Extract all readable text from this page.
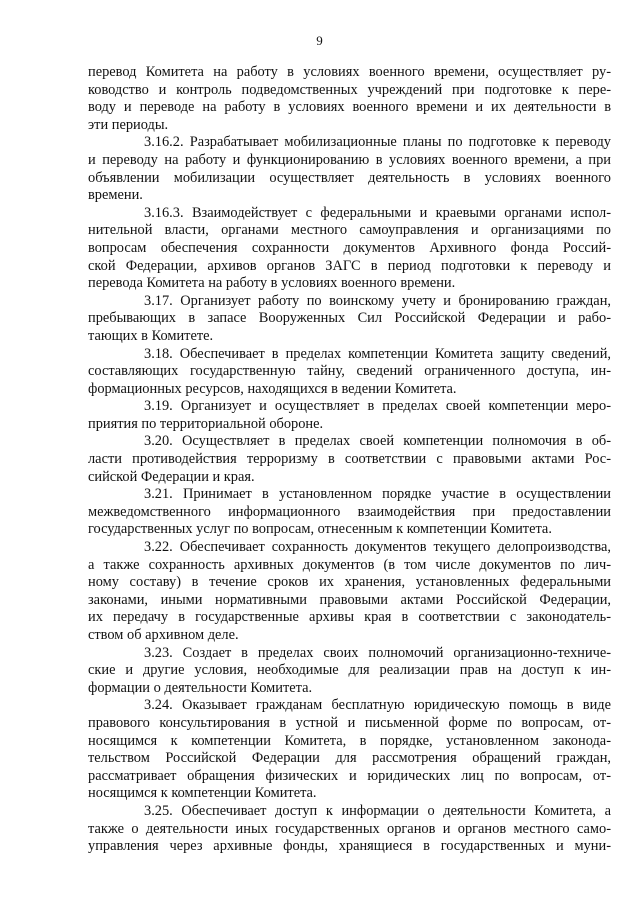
9

перевод Комитета на работу в условиях военного времени, осуществляет ру-
ководство и контроль подведомственных учреждений при подготовке к пере-
воду и переводе на работу в условиях военного времени и их деятельности в
эти периоды.

3.16.2. Разрабатывает мобилизационные планы по подготовке к переводу
и переводу на работу и функционированию в условиях военного времени, а при
объявлении мобилизации осуществляет деятельность в условиях военного
времени.

3.16.3. Взаимодействует с федеральными и краевыми органами испол-
нительной власти, органами местного самоуправления и организациями по
вопросам обеспечения сохранности документов Архивного фонда Россий-
ской Федерации, архивов органов ЗАГС в период подготовки к переводу и
перевода Комитета на работу в условиях военного времени.

3.17. Организует работу по воинскому учету и бронированию граждан,
пребывающих в запасе Вооруженных Сил Российской Федерации и рабо-
тающих в Комитете.

3.18. Обеспечивает в пределах компетенции Комитета защиту сведений,
составляющих государственную тайну, сведений ограниченного доступа, ин-
формационных ресурсов, находящихся в ведении Комитета.

3.19. Организует и осуществляет в пределах своей компетенции меро-
приятия по территориальной обороне.

3.20. Осуществляет в пределах своей компетенции полномочия в об-
ласти противодействия терроризму в соответствии с правовыми актами Рос-
сийской Федерации и края.

3.21. Принимает в установленном порядке участие в осуществлении
межведомственного информационного взаимодействия при предоставлении
государственных услуг по вопросам, отнесенным к компетенции Комитета.

3.22. Обеспечивает сохранность документов текущего делопроизводства,
а также сохранность архивных документов (в том числе документов по лич-
ному составу) в течение сроков их хранения, установленных федеральными
законами, иными нормативными правовыми актами Российской Федерации,
их передачу в государственные архивы края в соответствии с законодатель-
ством об архивном деле.

3.23. Создает в пределах своих полномочий организационно-техниче-
ские и другие условия, необходимые для реализации прав на доступ к ин-
формации о деятельности Комитета.

3.24. Оказывает гражданам бесплатную юридическую помощь в виде
правового консультирования в устной и письменной форме по вопросам, от-
носящимся к компетенции Комитета, в порядке, установленном законода-
тельством Российской Федерации для рассмотрения обращений граждан,
рассматривает обращения физических и юридических лиц по вопросам, от-
носящимся к компетенции Комитета.

3.25. Обеспечивает доступ к информации о деятельности Комитета, а
также о деятельности иных государственных органов и органов местного само-
управления через архивные фонды, хранящиеся в государственных и муни-
